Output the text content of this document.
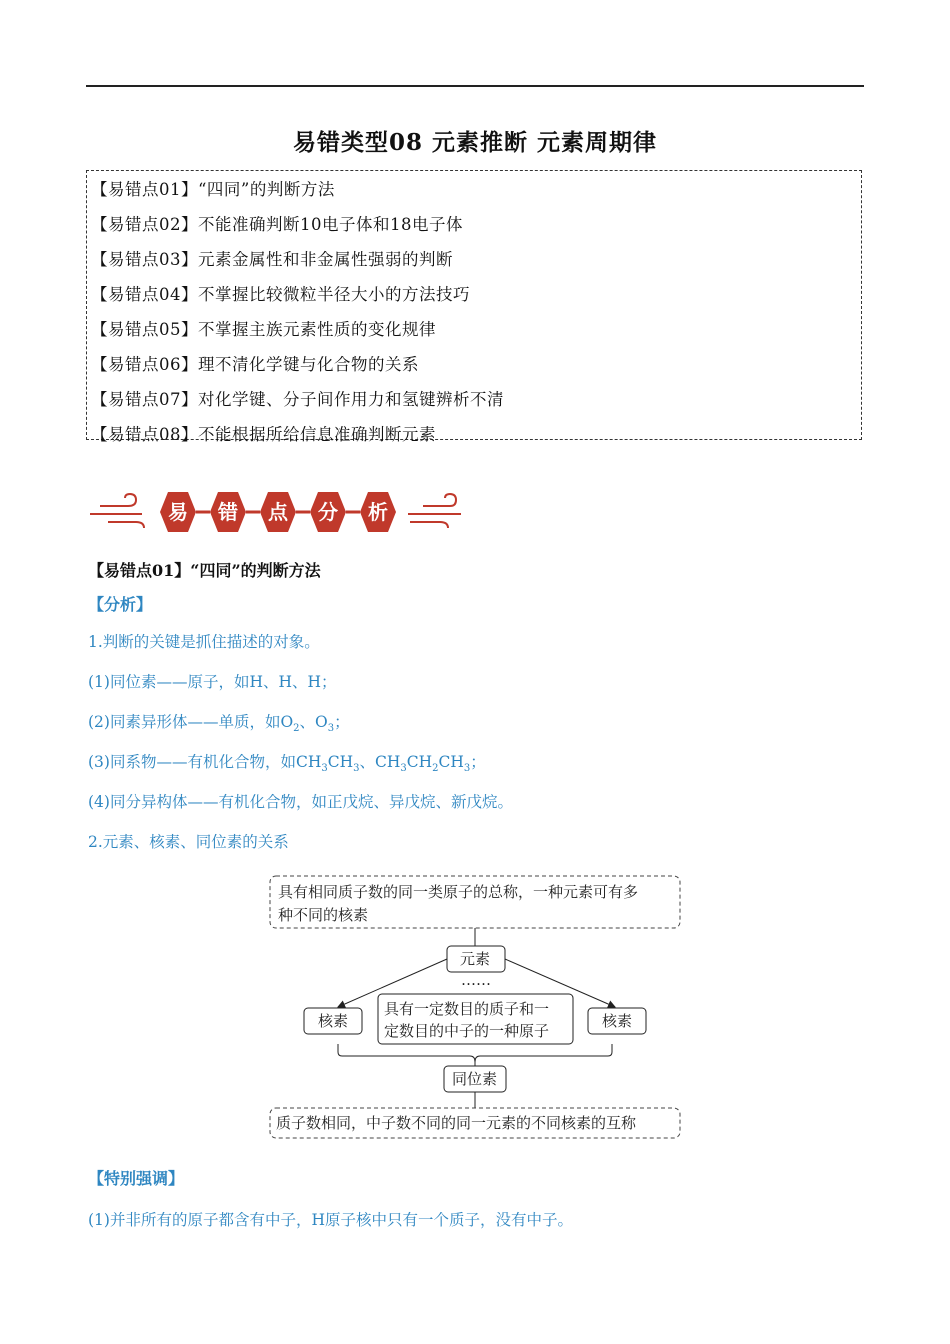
易错类型08 元素推断 元素周期律
【易错点01】“四同”的判断方法
【易错点02】不能准确判断10电子体和18电子体
【易错点03】元素金属性和非金属性强弱的判断
【易错点04】不掌握比较微粒半径大小的方法技巧
【易错点05】不掌握主族元素性质的变化规律
【易错点06】理不清化学键与化合物的关系
【易错点07】对化学键、分子间作用力和氢键辨析不清
【易错点08】不能根据所给信息准确判断元素
易 错 点 分 析
【易错点01】“四同”的判断方法
【分析】
1.判断的关键是抓住描述的对象。
(1)同位素——原子，如H、H、H；
(2)同素异形体——单质，如$O_2$、$O_3$；
(3)同系物——有机化合物，如$CH_3CH_3$、$CH_3CH_2CH_3$；
(4)同分异构体——有机化合物，如正戊烷、异戊烷、新戊烷。
2.元素、核素、同位素的关系
具有相同质子数的同一类原子的总称，一种元素可有多
种不同的核素
元素
……
核素	核素
具有一定数目的质子和一
定数目的中子的一种原子
同位素
质子数相同，中子数不同的同一元素的不同核素的互称
【特别强调】
(1)并非所有的原子都含有中子，H原子核中只有一个质子，没有中子。
